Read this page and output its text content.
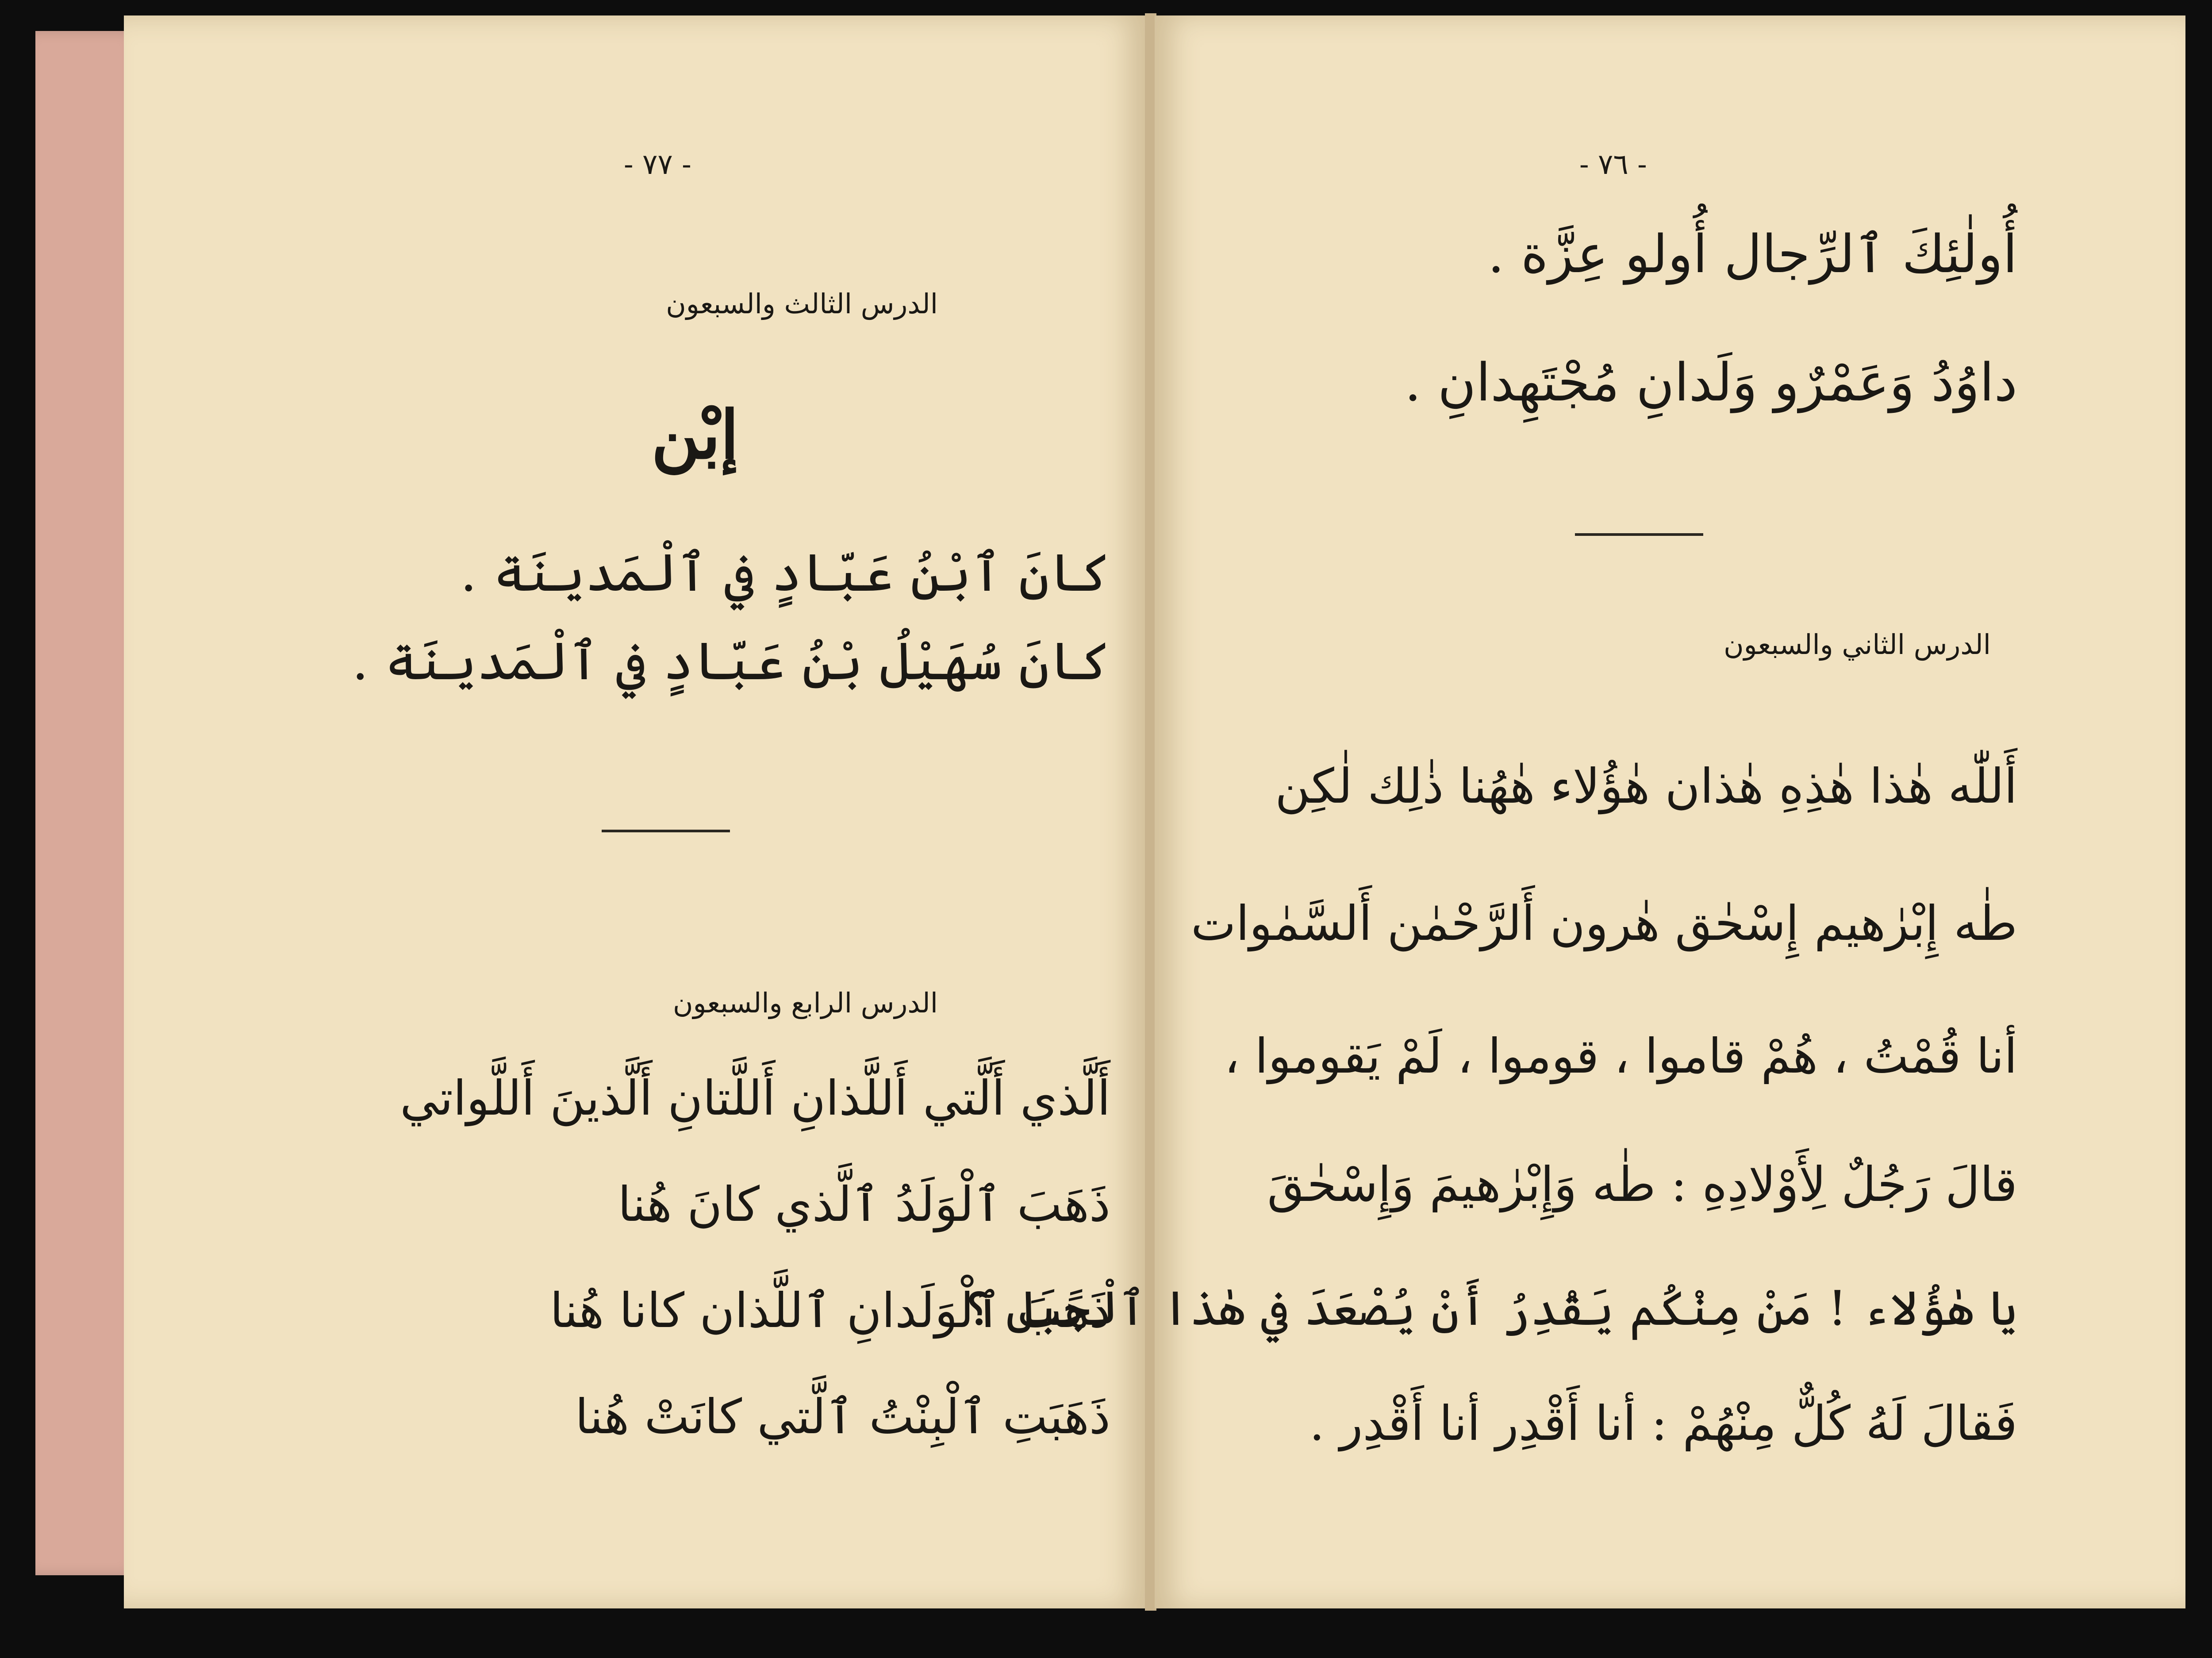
- ٧٧ -
الدرس الثالث والسبعون
إبْن
كانَ ٱبْنُ عَبّادٍ في ٱلْمَدينَة .
كانَ سُهَيْلُ بْنُ عَبّادٍ في ٱلْمَدينَة .
الدرس الرابع والسبعون
أَلَّذي أَلَّتي أَللَّذانِ أَللَّتانِ أَلَّذينَ أَللَّواتي
ذَهَبَ ٱلْوَلَدُ ٱلَّذي كانَ هُنا
ذَهَبَ ٱلْوَلَدانِ ٱللَّذان كانا هُنا
ذَهَبَتِ ٱلْبِنْتُ ٱلَّتي كانَتْ هُنا
- ٧٦ -
أُولٰئِكَ ٱلرِّجال أُولو عِزَّة .
داوُدُ وَعَمْرٌو وَلَدانِ مُجْتَهِدانِ .
الدرس الثاني والسبعون
أَللّٰه هٰذا هٰذِهِ هٰذان هٰؤُلاء هٰهُنا ذٰلِك لٰكِن
طٰه إِبْرٰهيم إِسْحٰق هٰرون أَلرَّحْمٰن أَلسَّمٰوات
أنا قُمْتُ ، هُمْ قاموا ، قوموا ، لَمْ يَقوموا ،
قالَ رَجُلٌ لِأَوْلادِهِ : طٰه وَإِبْرٰهيمَ وَإِسْحٰقَ
يا هٰؤُلاء ! مَنْ مِنْكُم يَقْدِرُ أَنْ يُصْعَدَ في هٰذا ٱلْجَبَل ؟
فَقالَ لَهُ كُلٌّ مِنْهُمْ : أنا أَقْدِر أنا أَقْدِر .
